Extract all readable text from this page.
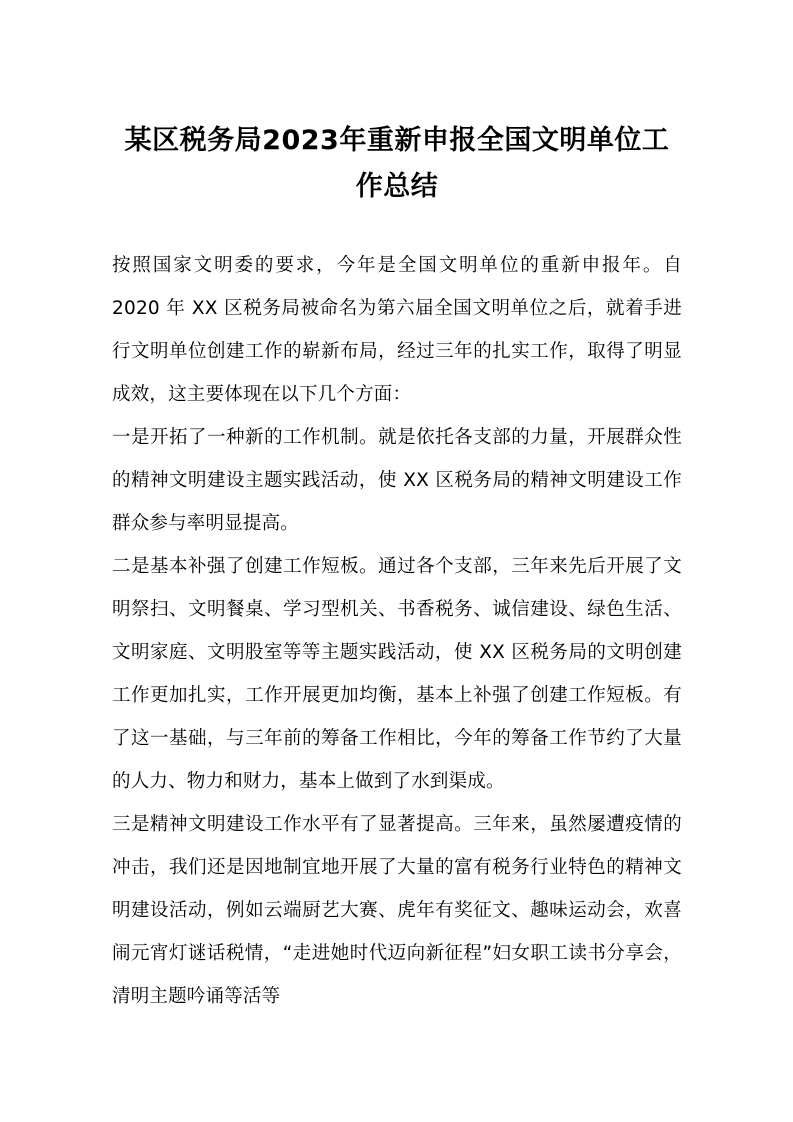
某区税务局2023年重新申报全国文明单位工作总结

按照国家文明委的要求，今年是全国文明单位的重新申报年。自 2020 年 XX 区税务局被命名为第六届全国文明单位之后，就着手进行文明单位创建工作的崭新布局，经过三年的扎实工作，取得了明显成效，这主要体现在以下几个方面：

一是开拓了一种新的工作机制。就是依托各支部的力量，开展群众性的精神文明建设主题实践活动，使 XX 区税务局的精神文明建设工作群众参与率明显提高。

二是基本补强了创建工作短板。通过各个支部，三年来先后开展了文明祭扫、文明餐桌、学习型机关、书香税务、诚信建设、绿色生活、文明家庭、文明股室等等主题实践活动，使 XX 区税务局的文明创建工作更加扎实，工作开展更加均衡，基本上补强了创建工作短板。有了这一基础，与三年前的筹备工作相比，今年的筹备工作节约了大量的人力、物力和财力，基本上做到了水到渠成。

三是精神文明建设工作水平有了显著提高。三年来，虽然屡遭疫情的冲击，我们还是因地制宜地开展了大量的富有税务行业特色的精神文明建设活动，例如云端厨艺大赛、虎年有奖征文、趣味运动会，欢喜闹元宵灯谜话税情，“走进她时代迈向新征程”妇女职工读书分享会，清明主题吟诵等活等
